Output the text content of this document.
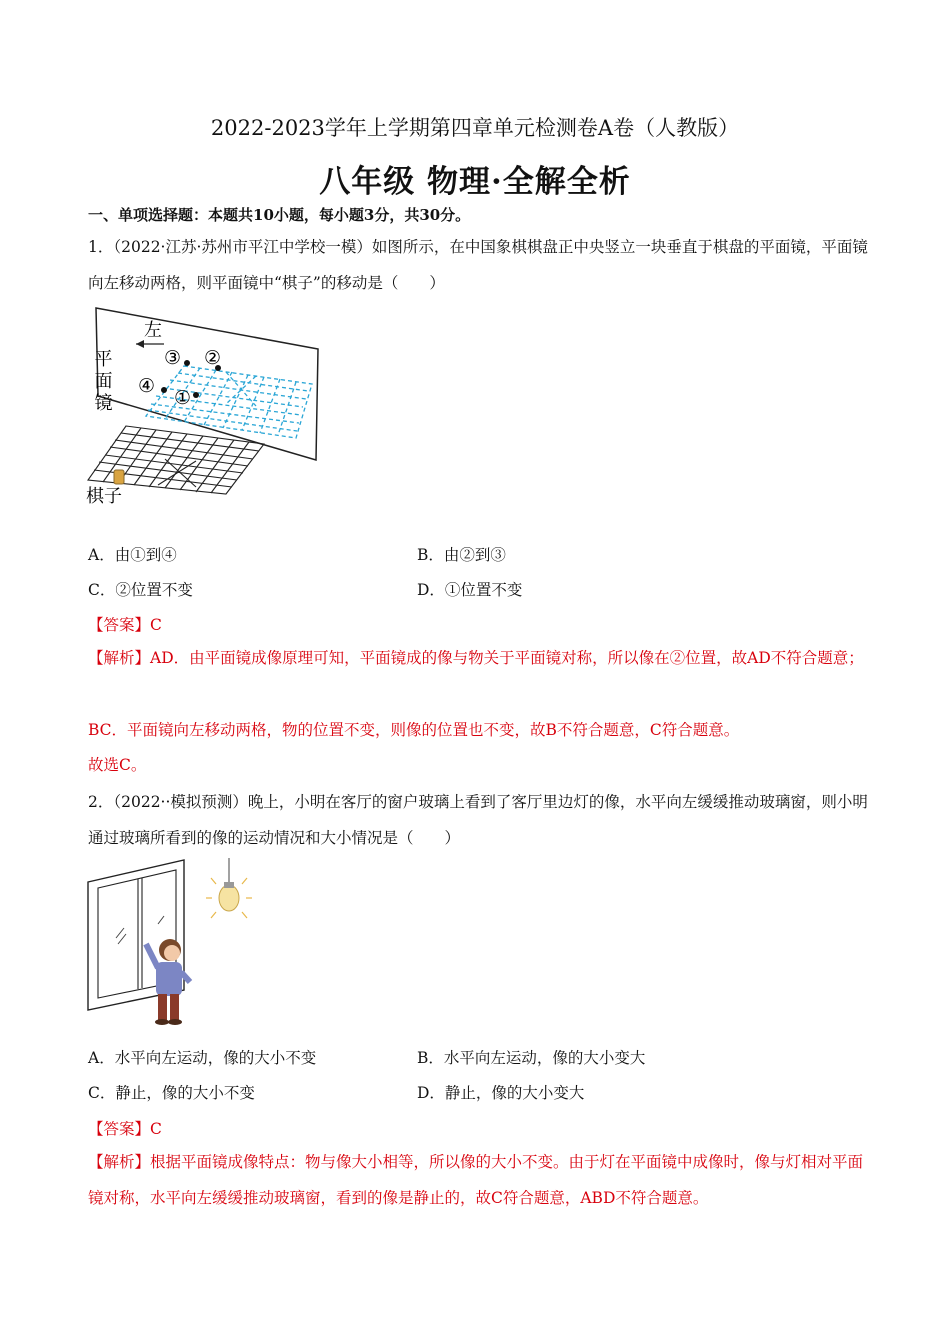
2022-2023学年上学期第四章单元检测卷A卷（人教版）
八年级 物理·全解全析
一、单项选择题：本题共10小题，每小题3分，共30分。
1．（2022·江苏·苏州市平江中学校一模）如图所示，在中国象棋棋盘正中央竖立一块垂直于棋盘的平面镜，平面镜向左移动两格，则平面镜中“棋子”的移动是（　　）
平面镜
左
③ ②
④
①
棋子
A．由①到④	B．由②到③
C．②位置不变	D．①位置不变
【答案】C
【解析】AD．由平面镜成像原理可知，平面镜成的像与物关于平面镜对称，所以像在②位置，故AD不符合题意；
BC．平面镜向左移动两格，物的位置不变，则像的位置也不变，故B不符合题意，C符合题意。
故选C。
2．（2022··模拟预测）晚上，小明在客厅的窗户玻璃上看到了客厅里边灯的像，水平向左缓缓推动玻璃窗，则小明通过玻璃所看到的像的运动情况和大小情况是（　　）
A．水平向左运动，像的大小不变	B．水平向左运动，像的大小变大
C．静止，像的大小不变	D．静止，像的大小变大
【答案】C
【解析】根据平面镜成像特点：物与像大小相等，所以像的大小不变。由于灯在平面镜中成像时，像与灯相对平面镜对称，水平向左缓缓推动玻璃窗，看到的像是静止的，故C符合题意，ABD不符合题意。
